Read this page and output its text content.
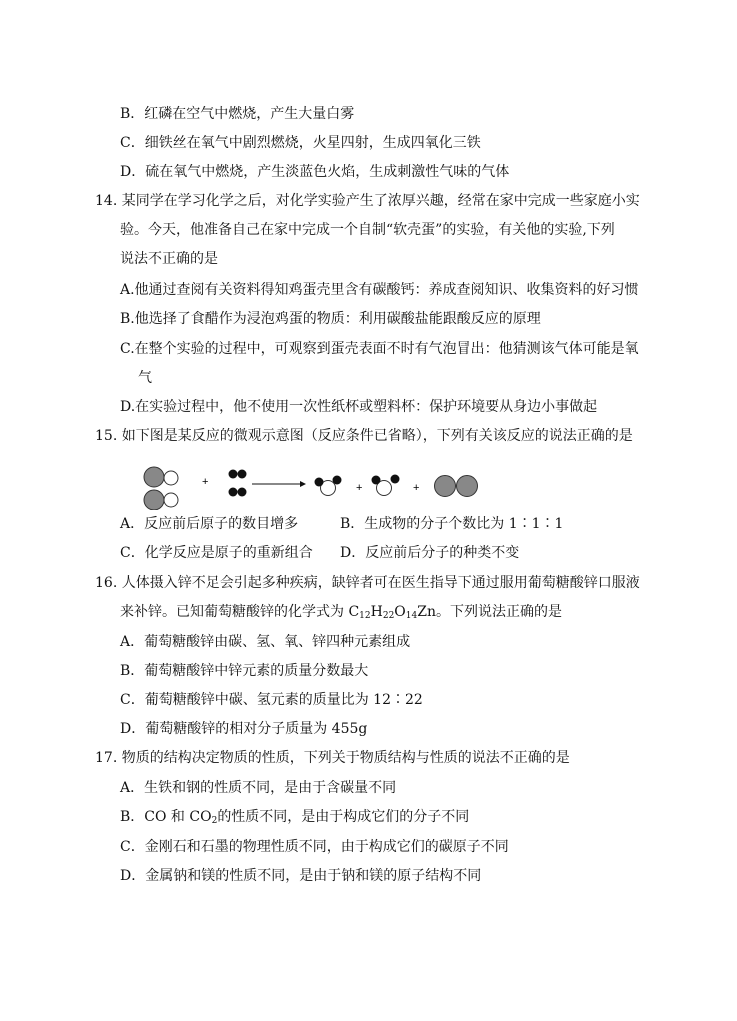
B．红磷在空气中燃烧，产生大量白雾
C．细铁丝在氧气中剧烈燃烧，火星四射，生成四氧化三铁
D．硫在氧气中燃烧，产生淡蓝色火焰，生成刺激性气味的气体
14. 某同学在学习化学之后，对化学实验产生了浓厚兴趣，经常在家中完成一些家庭小实
验。今天，他准备自己在家中完成一个自制“软壳蛋”的实验，有关他的实验,下列
说法不正确的是
A.他通过查阅有关资料得知鸡蛋壳里含有碳酸钙：养成查阅知识、收集资料的好习惯
B.他选择了食醋作为浸泡鸡蛋的物质：利用碳酸盐能跟酸反应的原理
C.在整个实验的过程中，可观察到蛋壳表面不时有气泡冒出：他猜测该气体可能是氧
气
D.在实验过程中，他不使用一次性纸杯或塑料杯：保护环境要从身边小事做起
15. 如下图是某反应的微观示意图（反应条件已省略），下列有关该反应的说法正确的是
+	+	+
A．反应前后原子的数目增多	B．生成物的分子个数比为 1∶1∶1
C．化学反应是原子的重新组合 D．反应前后分子的种类不变
16. 人体摄入锌不足会引起多种疾病，缺锌者可在医生指导下通过服用葡萄糖酸锌口服液
来补锌。已知葡萄糖酸锌的化学式为 $C_{12}H_{22}O_{14}Zn$。下列说法正确的是
A．葡萄糖酸锌由碳、氢、氧、锌四种元素组成
B．葡萄糖酸锌中锌元素的质量分数最大
C．葡萄糖酸锌中碳、氢元素的质量比为 12∶22
D．葡萄糖酸锌的相对分子质量为 455g
17. 物质的结构决定物质的性质，下列关于物质结构与性质的说法不正确的是
A．生铁和钢的性质不同，是由于含碳量不同
B．CO 和 $CO_2$的性质不同，是由于构成它们的分子不同
C．金刚石和石墨的物理性质不同，由于构成它们的碳原子不同
D．金属钠和镁的性质不同，是由于钠和镁的原子结构不同
